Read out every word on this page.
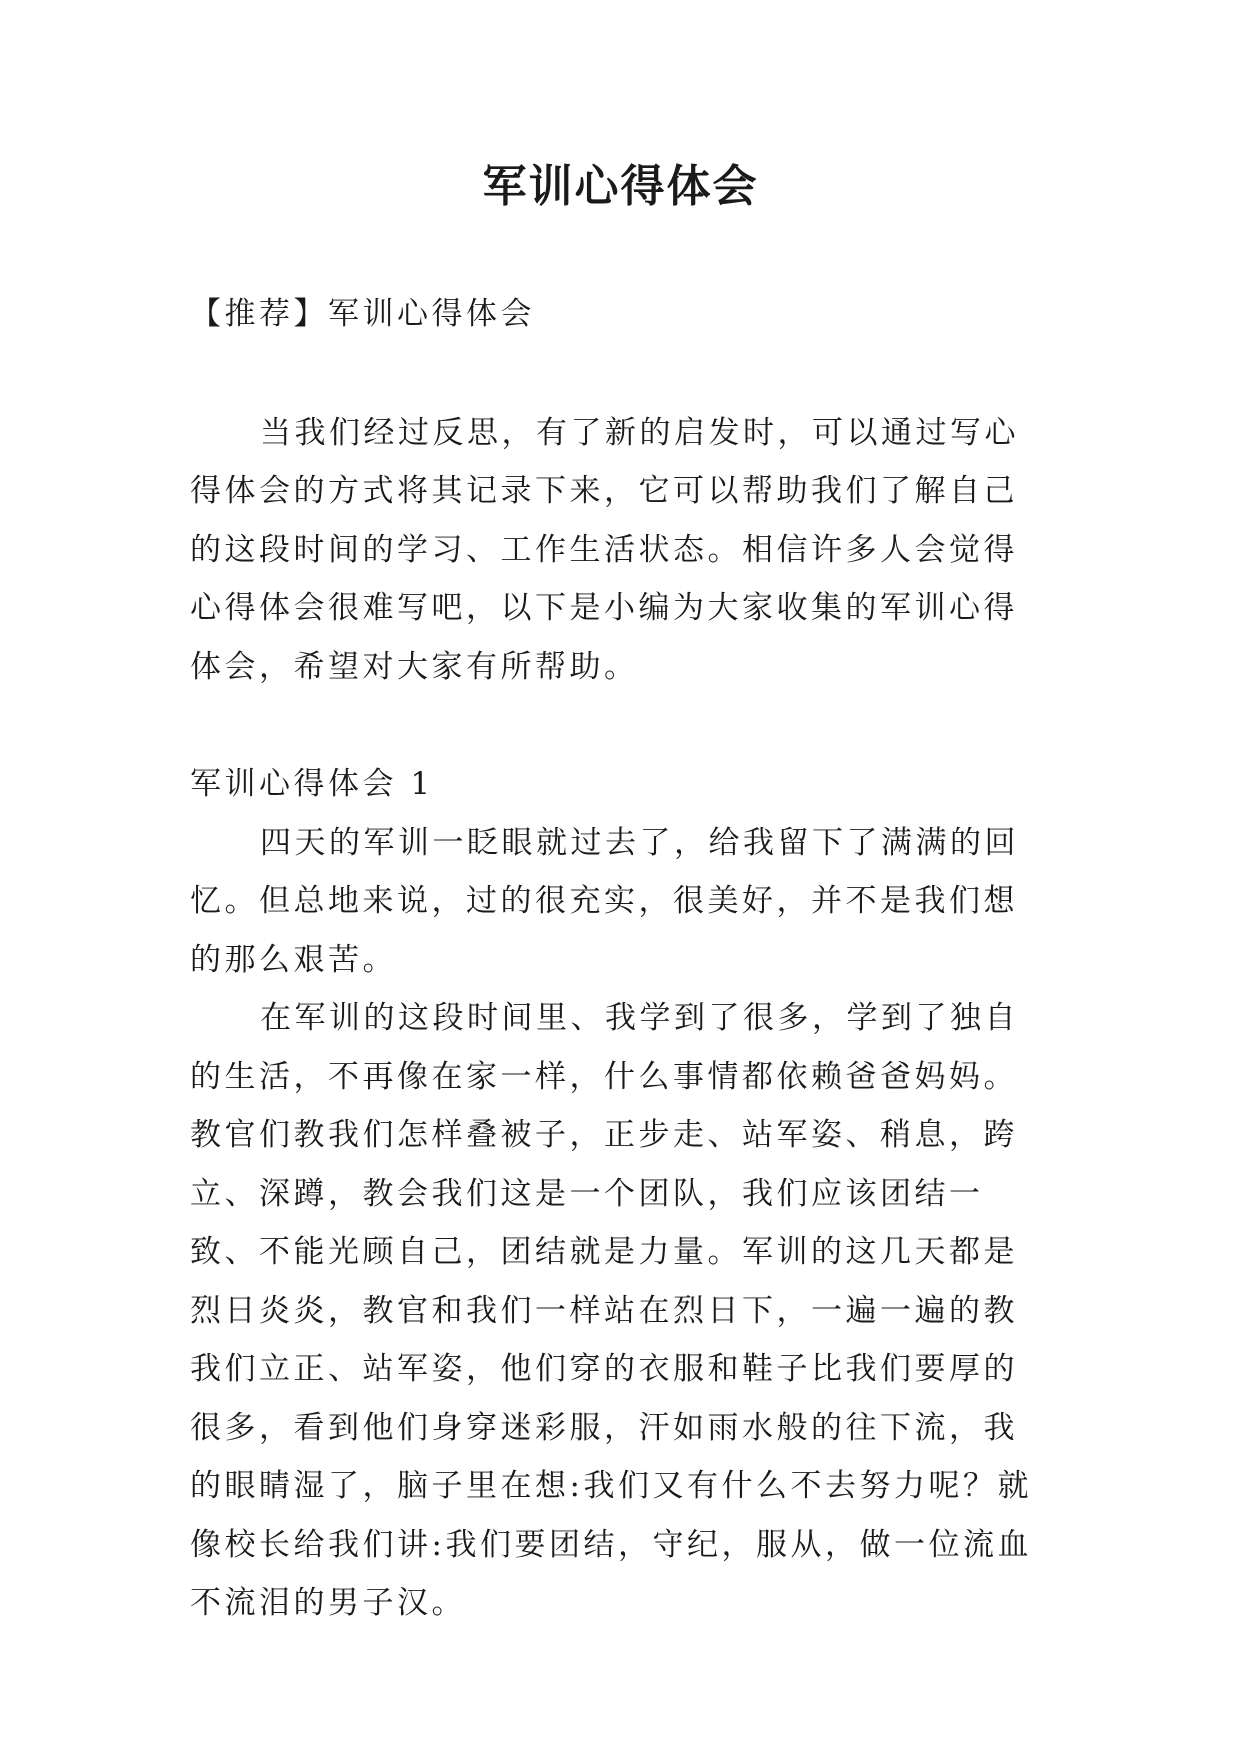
军训心得体会

【推荐】军训心得体会

当我们经过反思，有了新的启发时，可以通过写心得体会的方式将其记录下来，它可以帮助我们了解自己的这段时间的学习、工作生活状态。相信许多人会觉得心得体会很难写吧，以下是小编为大家收集的军训心得体会，希望对大家有所帮助。

军训心得体会 1

四天的军训一眨眼就过去了，给我留下了满满的回忆。但总地来说，过的很充实，很美好，并不是我们想的那么艰苦。

在军训的这段时间里、我学到了很多，学到了独自的生活，不再像在家一样，什么事情都依赖爸爸妈妈。教官们教我们怎样叠被子，正步走、站军姿、稍息，跨立、深蹲，教会我们这是一个团队，我们应该团结一致、不能光顾自己，团结就是力量。军训的这几天都是烈日炎炎，教官和我们一样站在烈日下，一遍一遍的教我们立正、站军姿，他们穿的衣服和鞋子比我们要厚的很多，看到他们身穿迷彩服，汗如雨水般的往下流，我的眼睛湿了，脑子里在想:我们又有什么不去努力呢？就像校长给我们讲:我们要团结，守纪，服从，做一位流血不流泪的男子汉。
